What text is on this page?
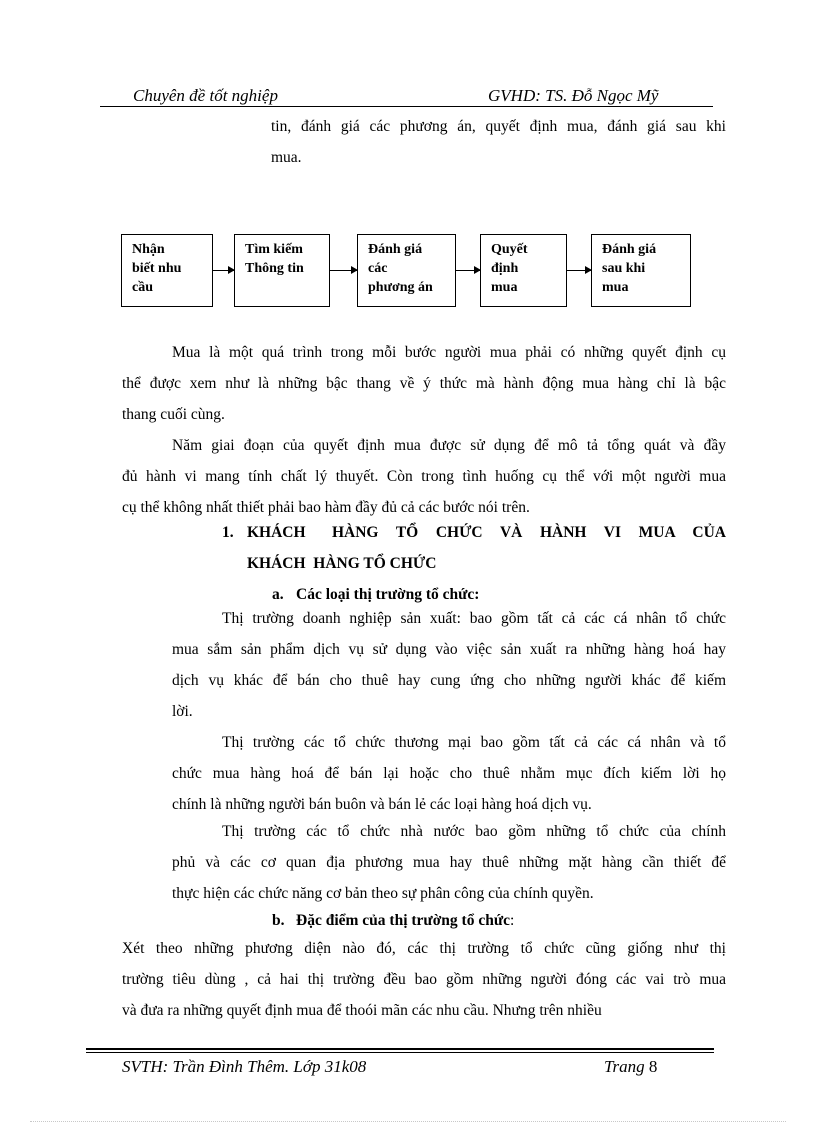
Chuyên đề tốt nghiệp	GVHD: TS. Đỗ Ngọc Mỹ
tin, đánh giá các phương án, quyết định mua, đánh giá sau khi
mua.
Nhận
biết nhu
cầu
Tìm kiếm
Thông tin
Đánh giá
các
phương án
Quyết
định
mua
Đánh giá
sau khi
mua
Mua là một quá trình trong mỗi bước người mua phải có những quyết định cụ
thể được xem như là những bậc thang về ý thức mà hành động mua hàng chỉ là bậc
thang cuối cùng.
Năm giai đoạn của quyết định mua được sử dụng để mô tả tổng quát và đầy
đủ hành vi mang tính chất lý thuyết. Còn trong tình huống cụ thể với một người mua
cụ thể không nhất thiết phải bao hàm đầy đủ cả các bước nói trên.
1. KHÁCH   HÀNG  TỔ  CHỨC  VÀ  HÀNH  VI  MUA  CỦA
KHÁCH  HÀNG TỔ CHỨC
a. Các loại thị trường tổ chức:
Thị trường doanh nghiệp sản xuất: bao gồm tất cả các cá nhân tổ chức
mua sắm sản phẩm dịch vụ sử dụng vào việc sản xuất ra những hàng hoá hay
dịch vụ khác để bán cho thuê hay cung ứng cho những người khác để kiếm
lời.
Thị trường các tổ chức thương mại bao gồm tất cả các cá nhân và tổ
chức mua hàng hoá để bán lại hoặc cho thuê nhằm mục đích kiếm lời họ
chính là những người bán buôn và bán lẻ các loại hàng hoá dịch vụ.
Thị trường các tổ chức nhà nước bao gồm những tổ chức của chính
phủ và các cơ quan địa phương mua hay thuê những mặt hàng cần thiết để
thực hiện các chức năng cơ bản theo sự phân công của chính quyền.
b. Đặc điểm của thị trường tổ chức:
Xét theo những phương diện nào đó, các thị trường tổ chức cũng giống như thị
trường tiêu dùng , cả hai thị trường đều bao gồm những người đóng các vai trò mua
và đưa ra những quyết định mua để thoói mãn các nhu cầu. Nhưng trên nhiều
SVTH: Trần Đình Thêm. Lớp 31k08	Trang 8
